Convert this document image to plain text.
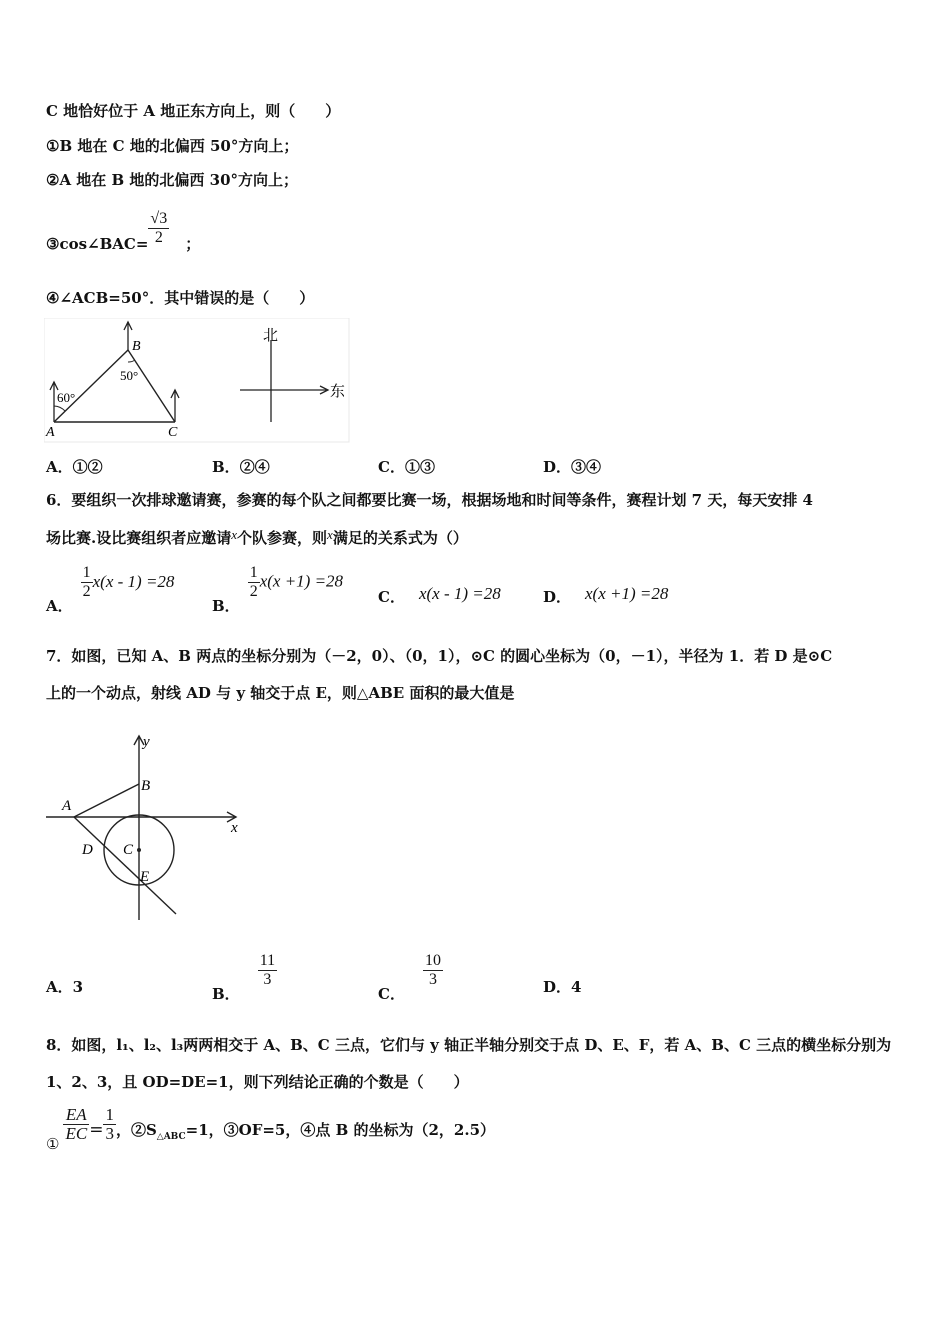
C 地恰好位于 A 地正东方向上，则（　　）
①B 地在 C 地的北偏西 50°方向上；
②A 地在 B 地的北偏西 30°方向上；
③cos∠BAC= $\frac{√3}{2}$ ；
④∠ACB=50°．其中错误的是（　　）
A
B
C
60°
50°
北
东
A．①②	B．②④	C．①③	D．③④
6．要组织一次排球邀请赛，参赛的每个队之间都要比赛一场，根据场地和时间等条件，赛程计划 7 天，每天安排 4
场比赛.设比赛组织者应邀请x个队参赛，则x满足的关系式为（）
A．
$\frac{1}{2} x(x - 1) =28$
B．
$\frac{1}{2} x(x +1) =28$
C． x(x - 1) =28	D． x(x +1) =28
7．如图，已知 A、B 两点的坐标分别为（－2，0）、（0，1），⊙C 的圆心坐标为（0，－1），半径为 1．若 D 是⊙C
上的一个动点，射线 AD 与 y 轴交于点 E，则△ABE 面积的最大值是
y
x
A
B
C
D
E
A．3	B．
$\frac{11}{3}$
C．
$\frac{10}{3}$	D．4
8．如图，l₁、l₂、l₃两两相交于 A、B、C 三点，它们与 y 轴正半轴分别交于点 D、E、F，若 A、B、C 三点的横坐标分别为
1、2、3，且 OD=DE=1，则下列结论正确的个数是（　　）
①
$\frac{EA}{EC} = \frac{1}{3}$ ，$②S_{\triangle ABC}=1$，③OF=5，④点 B 的坐标为（2，2.5）
